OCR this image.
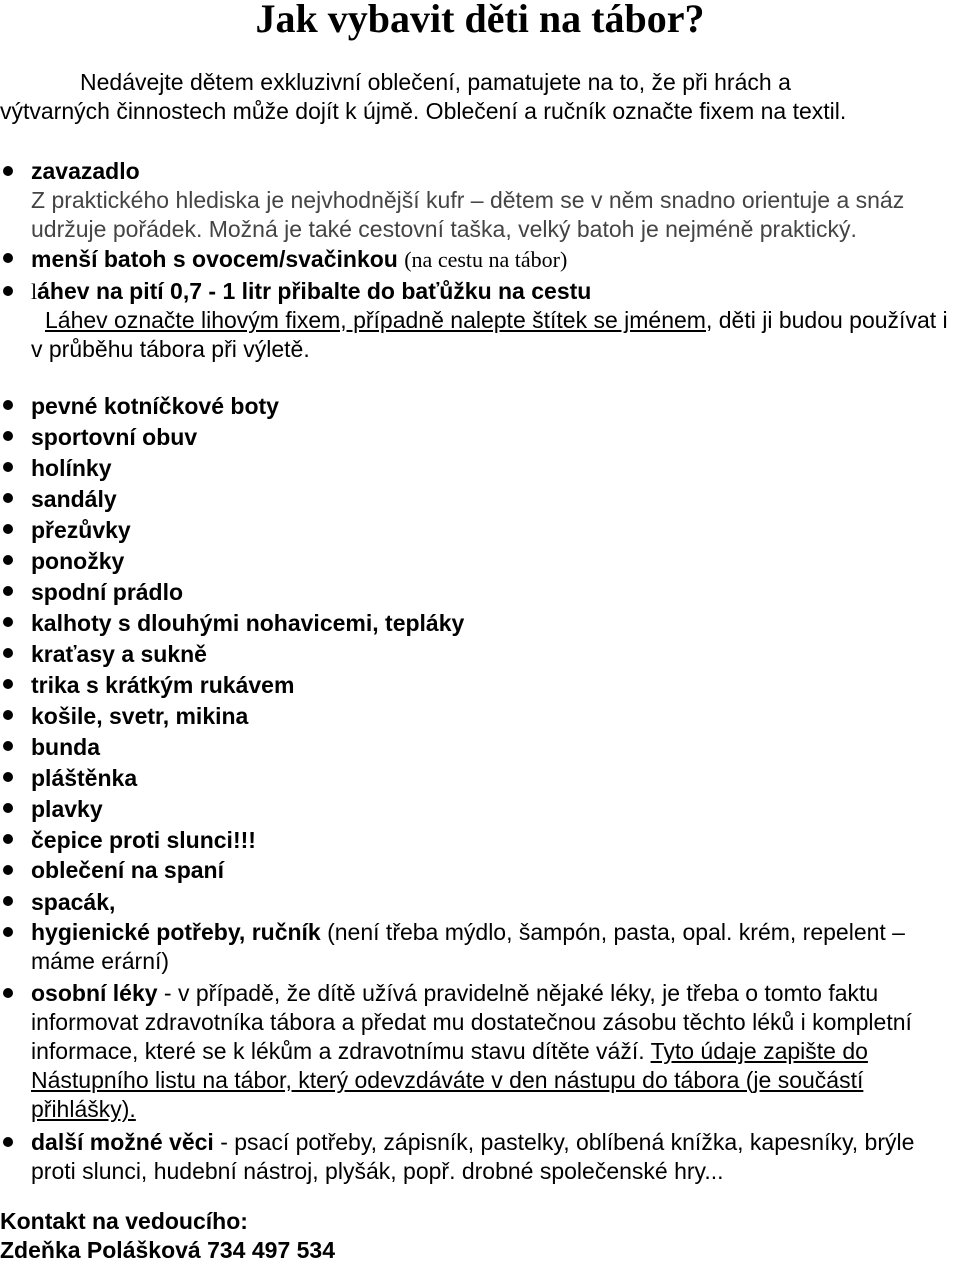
Jak vybavit děti na tábor?

Nedávejte dětem exkluzivní oblečení, pamatujete na to, že při hrách a
výtvarných činnostech může dojít k újmě. Oblečení a ručník označte fixem na textil.

zavazadlo
Z praktického hlediska je nejvhodnější kufr – dětem se v něm snadno orientuje a snáz udržuje pořádek. Možná je také cestovní taška, velký batoh je nejméně praktický.
menší batoh s ovocem/svačinkou (na cestu na tábor)
láhev na pití 0,7 - 1 litr přibalte do baťůžku na cestu
Láhev označte lihovým fixem, případně nalepte štítek se jménem, děti ji budou používat i v průběhu tábora při výletě.
pevné kotníčkové boty
sportovní obuv
holínky
sandály
přezůvky
ponožky
spodní prádlo
kalhoty s dlouhými nohavicemi, tepláky
kraťasy a sukně
trika s krátkým rukávem
košile, svetr, mikina
bunda
pláštěnka
plavky
čepice proti slunci!!!
oblečení na spaní
spacák,
hygienické potřeby, ručník (není třeba mýdlo, šampón, pasta, opal. krém, repelent – máme erární)
osobní léky - v případě, že dítě užívá pravidelně nějaké léky, je třeba o tomto faktu informovat zdravotníka tábora a předat mu dostatečnou zásobu těchto léků i kompletní informace, které se k lékům a zdravotnímu stavu dítěte váží. Tyto údaje zapište do Nástupního listu na tábor, který odevzdáváte v den nástupu do tábora (je součástí přihlášky).
další možné věci - psací potřeby, zápisník, pastelky, oblíbená knížka, kapesníky, brýle proti slunci, hudební nástroj, plyšák, popř. drobné společenské hry...

Kontakt na vedoucího:
Zdeňka Polášková 734 497 534
